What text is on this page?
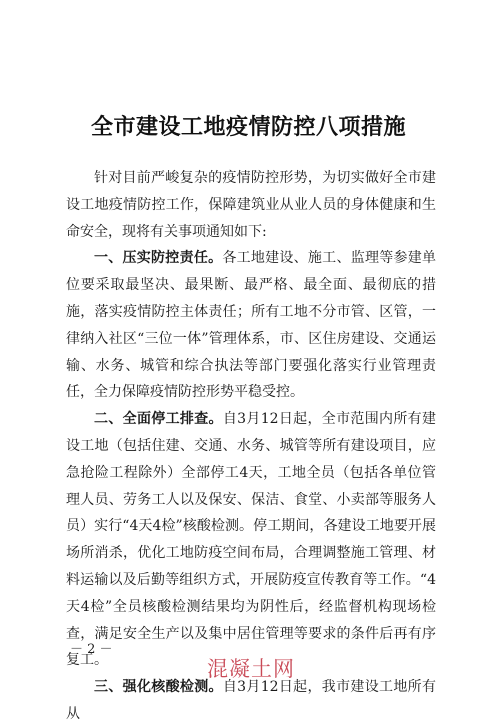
全市建设工地疫情防控八项措施

针对目前严峻复杂的疫情防控形势，为切实做好全市建设工地疫情防控工作，保障建筑业从业人员的身体健康和生命安全，现将有关事项通知如下:

一、压实防控责任。各工地建设、施工、监理等参建单位要采取最坚决、最果断、最严格、最全面、最彻底的措施，落实疫情防控主体责任；所有工地不分市管、区管，一律纳入社区“三位一体”管理体系，市、区住房建设、交通运输、水务、城管和综合执法等部门要强化落实行业管理责任，全力保障疫情防控形势平稳受控。

二、全面停工排查。自3月12日起，全市范围内所有建设工地（包括住建、交通、水务、城管等所有建设项目，应急抢险工程除外）全部停工4天，工地全员（包括各单位管理人员、劳务工人以及保安、保洁、食堂、小卖部等服务人员）实行“4天4检”核酸检测。停工期间，各建设工地要开展场所消杀，优化工地防疫空间布局，合理调整施工管理、材料运输以及后勤等组织方式，开展防疫宣传教育等工作。“4天4检”全员核酸检测结果均为阴性后，经监督机构现场检查，满足安全生产以及集中居住管理等要求的条件后再有序复工。

三、强化核酸检测。自3月12日起，我市建设工地所有从

－ 2 －
混凝土网
